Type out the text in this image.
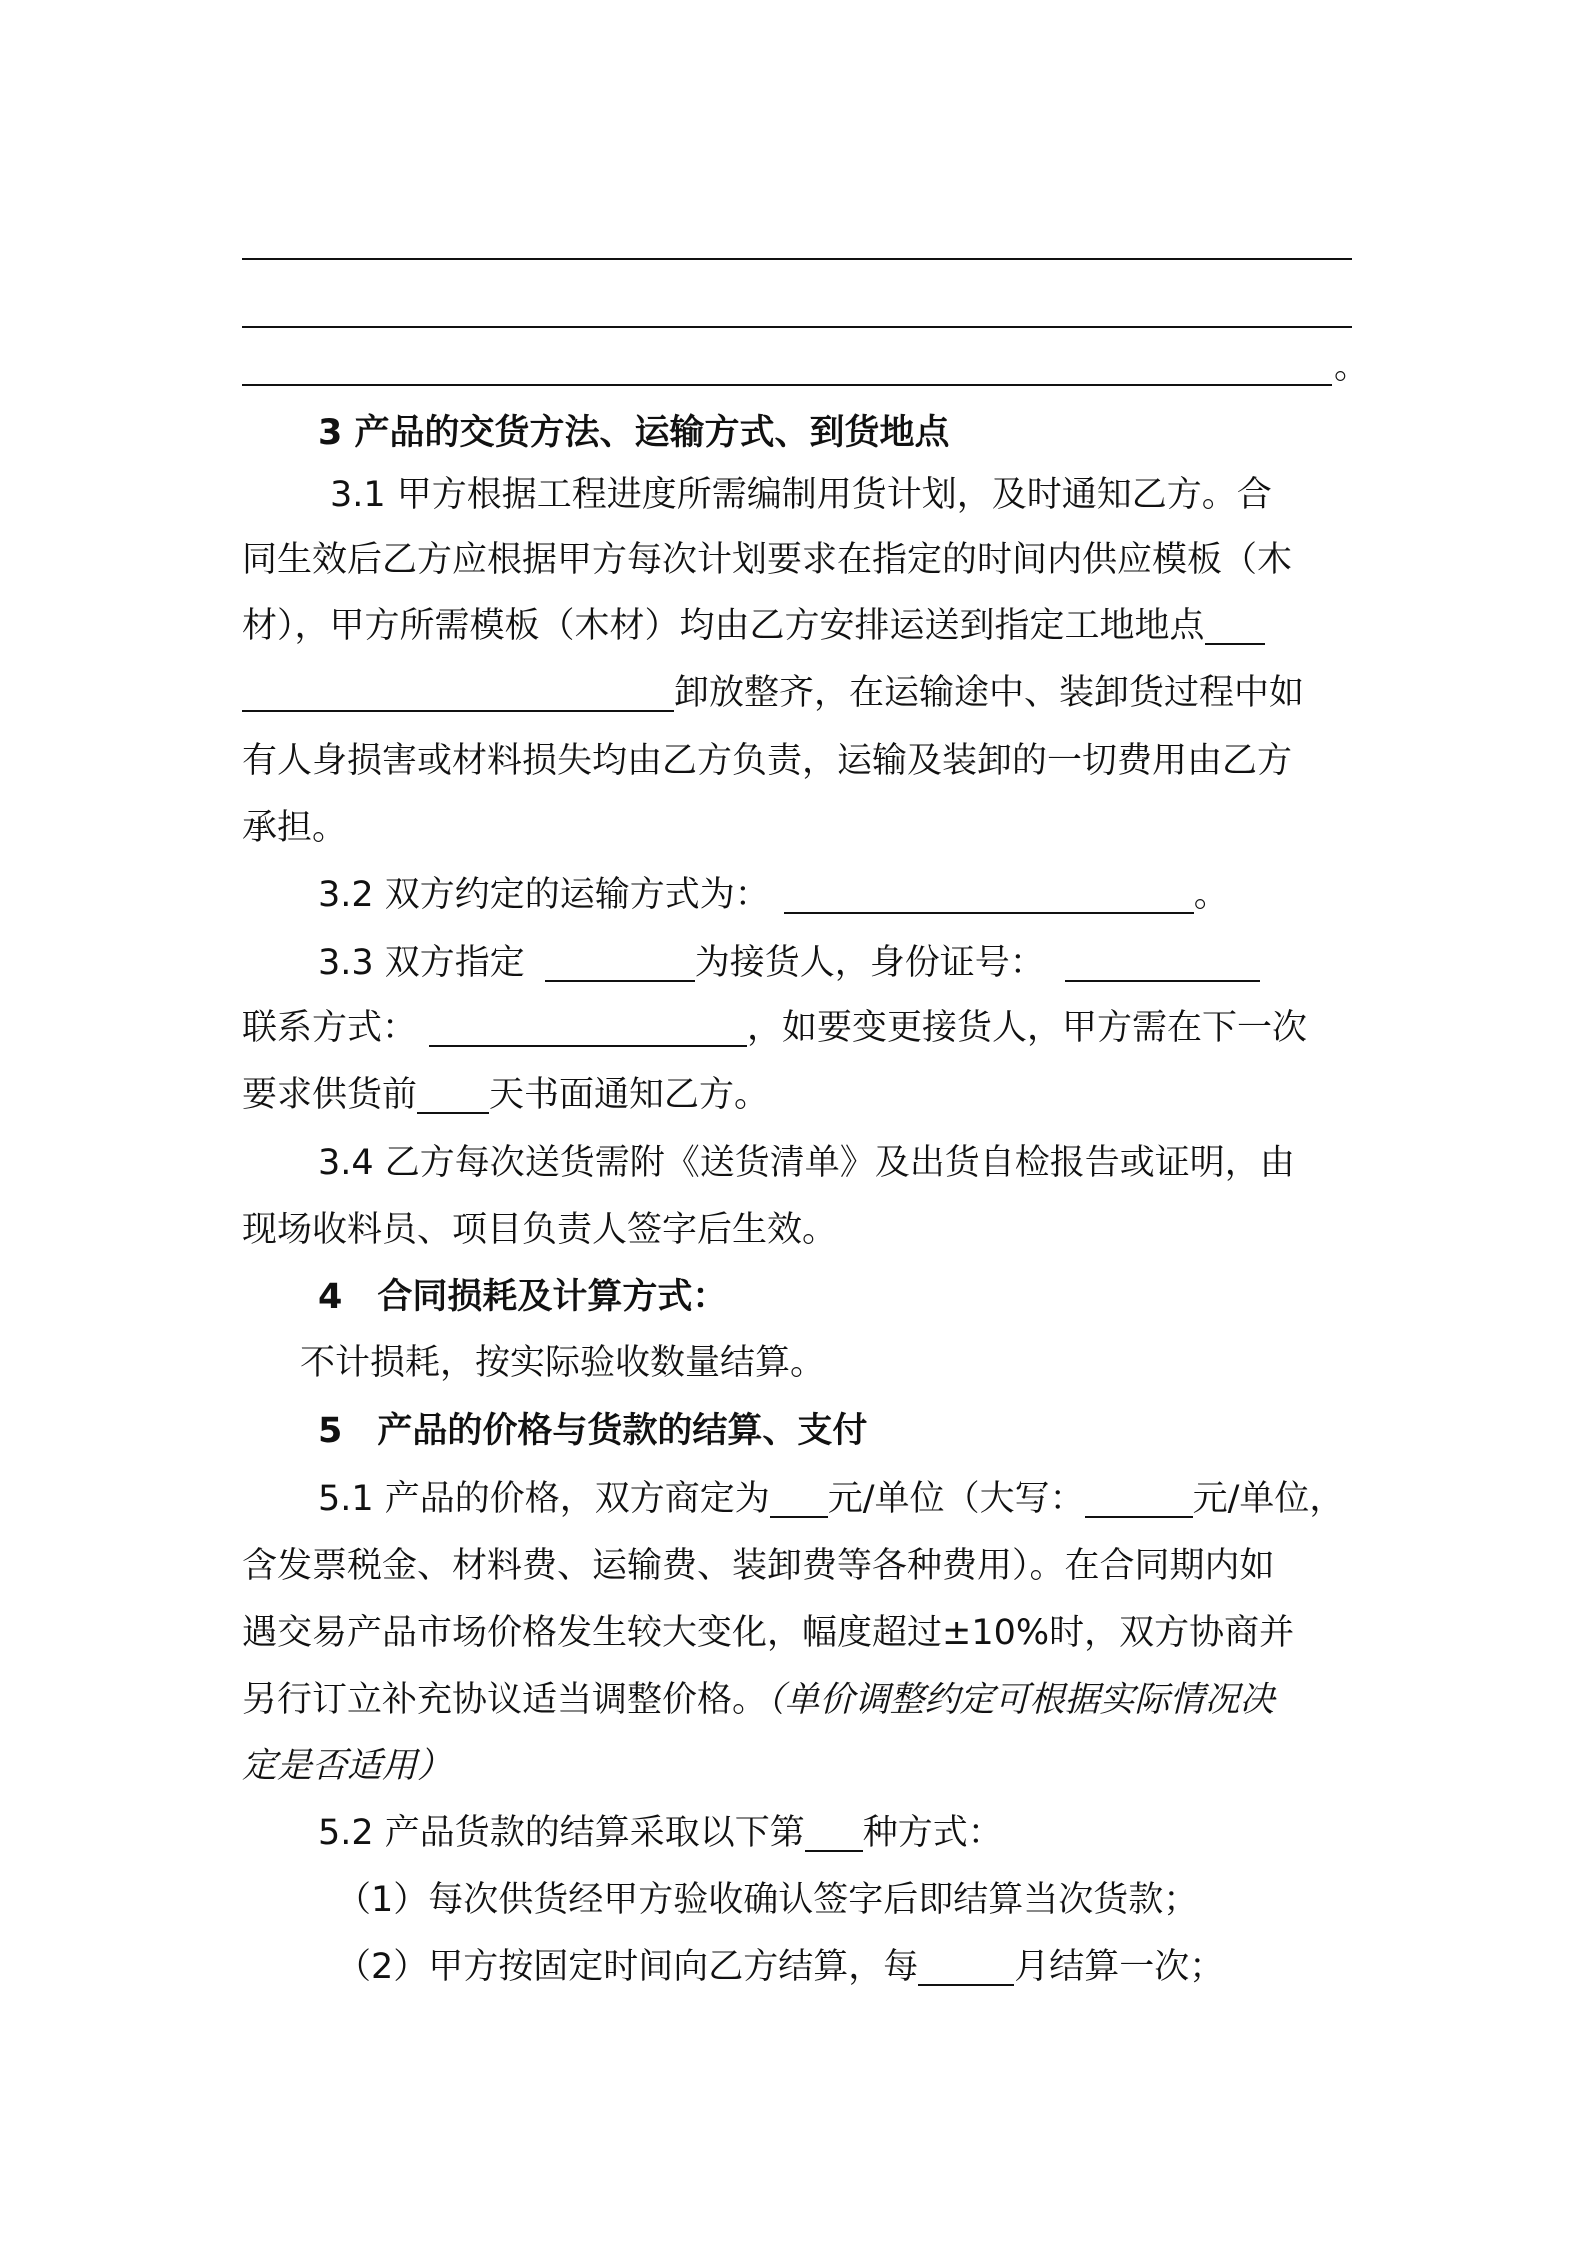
。
3 产品的交货方法、运输方式、到货地点
3.1 甲方根据工程进度所需编制用货计划，及时通知乙方。合
同生效后乙方应根据甲方每次计划要求在指定的时间内供应模板（木
材），甲方所需模板（木材）均由乙方安排运送到指定工地地点
卸放整齐，在运输途中、装卸货过程中如
有人身损害或材料损失均由乙方负责，运输及装卸的一切费用由乙方
承担。
3.2 双方约定的运输方式为：	。
3.3 双方指定	为接货人，身份证号：
联系方式：	，如要变更接货人，甲方需在下一次
要求供货前 天书面通知乙方。
3.4 乙方每次送货需附《送货清单》及出货自检报告或证明，由
现场收料员、项目负责人签字后生效。
4　合同损耗及计算方式：
不计损耗，按实际验收数量结算。
5　产品的价格与货款的结算、支付
5.1 产品的价格，双方商定为 元/单位（大写：	元/单位，
含发票税金、材料费、运输费、装卸费等各种费用）。在合同期内如
遇交易产品市场价格发生较大变化，幅度超过±10%时，双方协商并
另行订立补充协议适当调整价格。（单价调整约定可根据实际情况决
定是否适用）
5.2 产品货款的结算采取以下第 种方式：
（1）每次供货经甲方验收确认签字后即结算当次货款；
（2）甲方按固定时间向乙方结算，每	月结算一次；
